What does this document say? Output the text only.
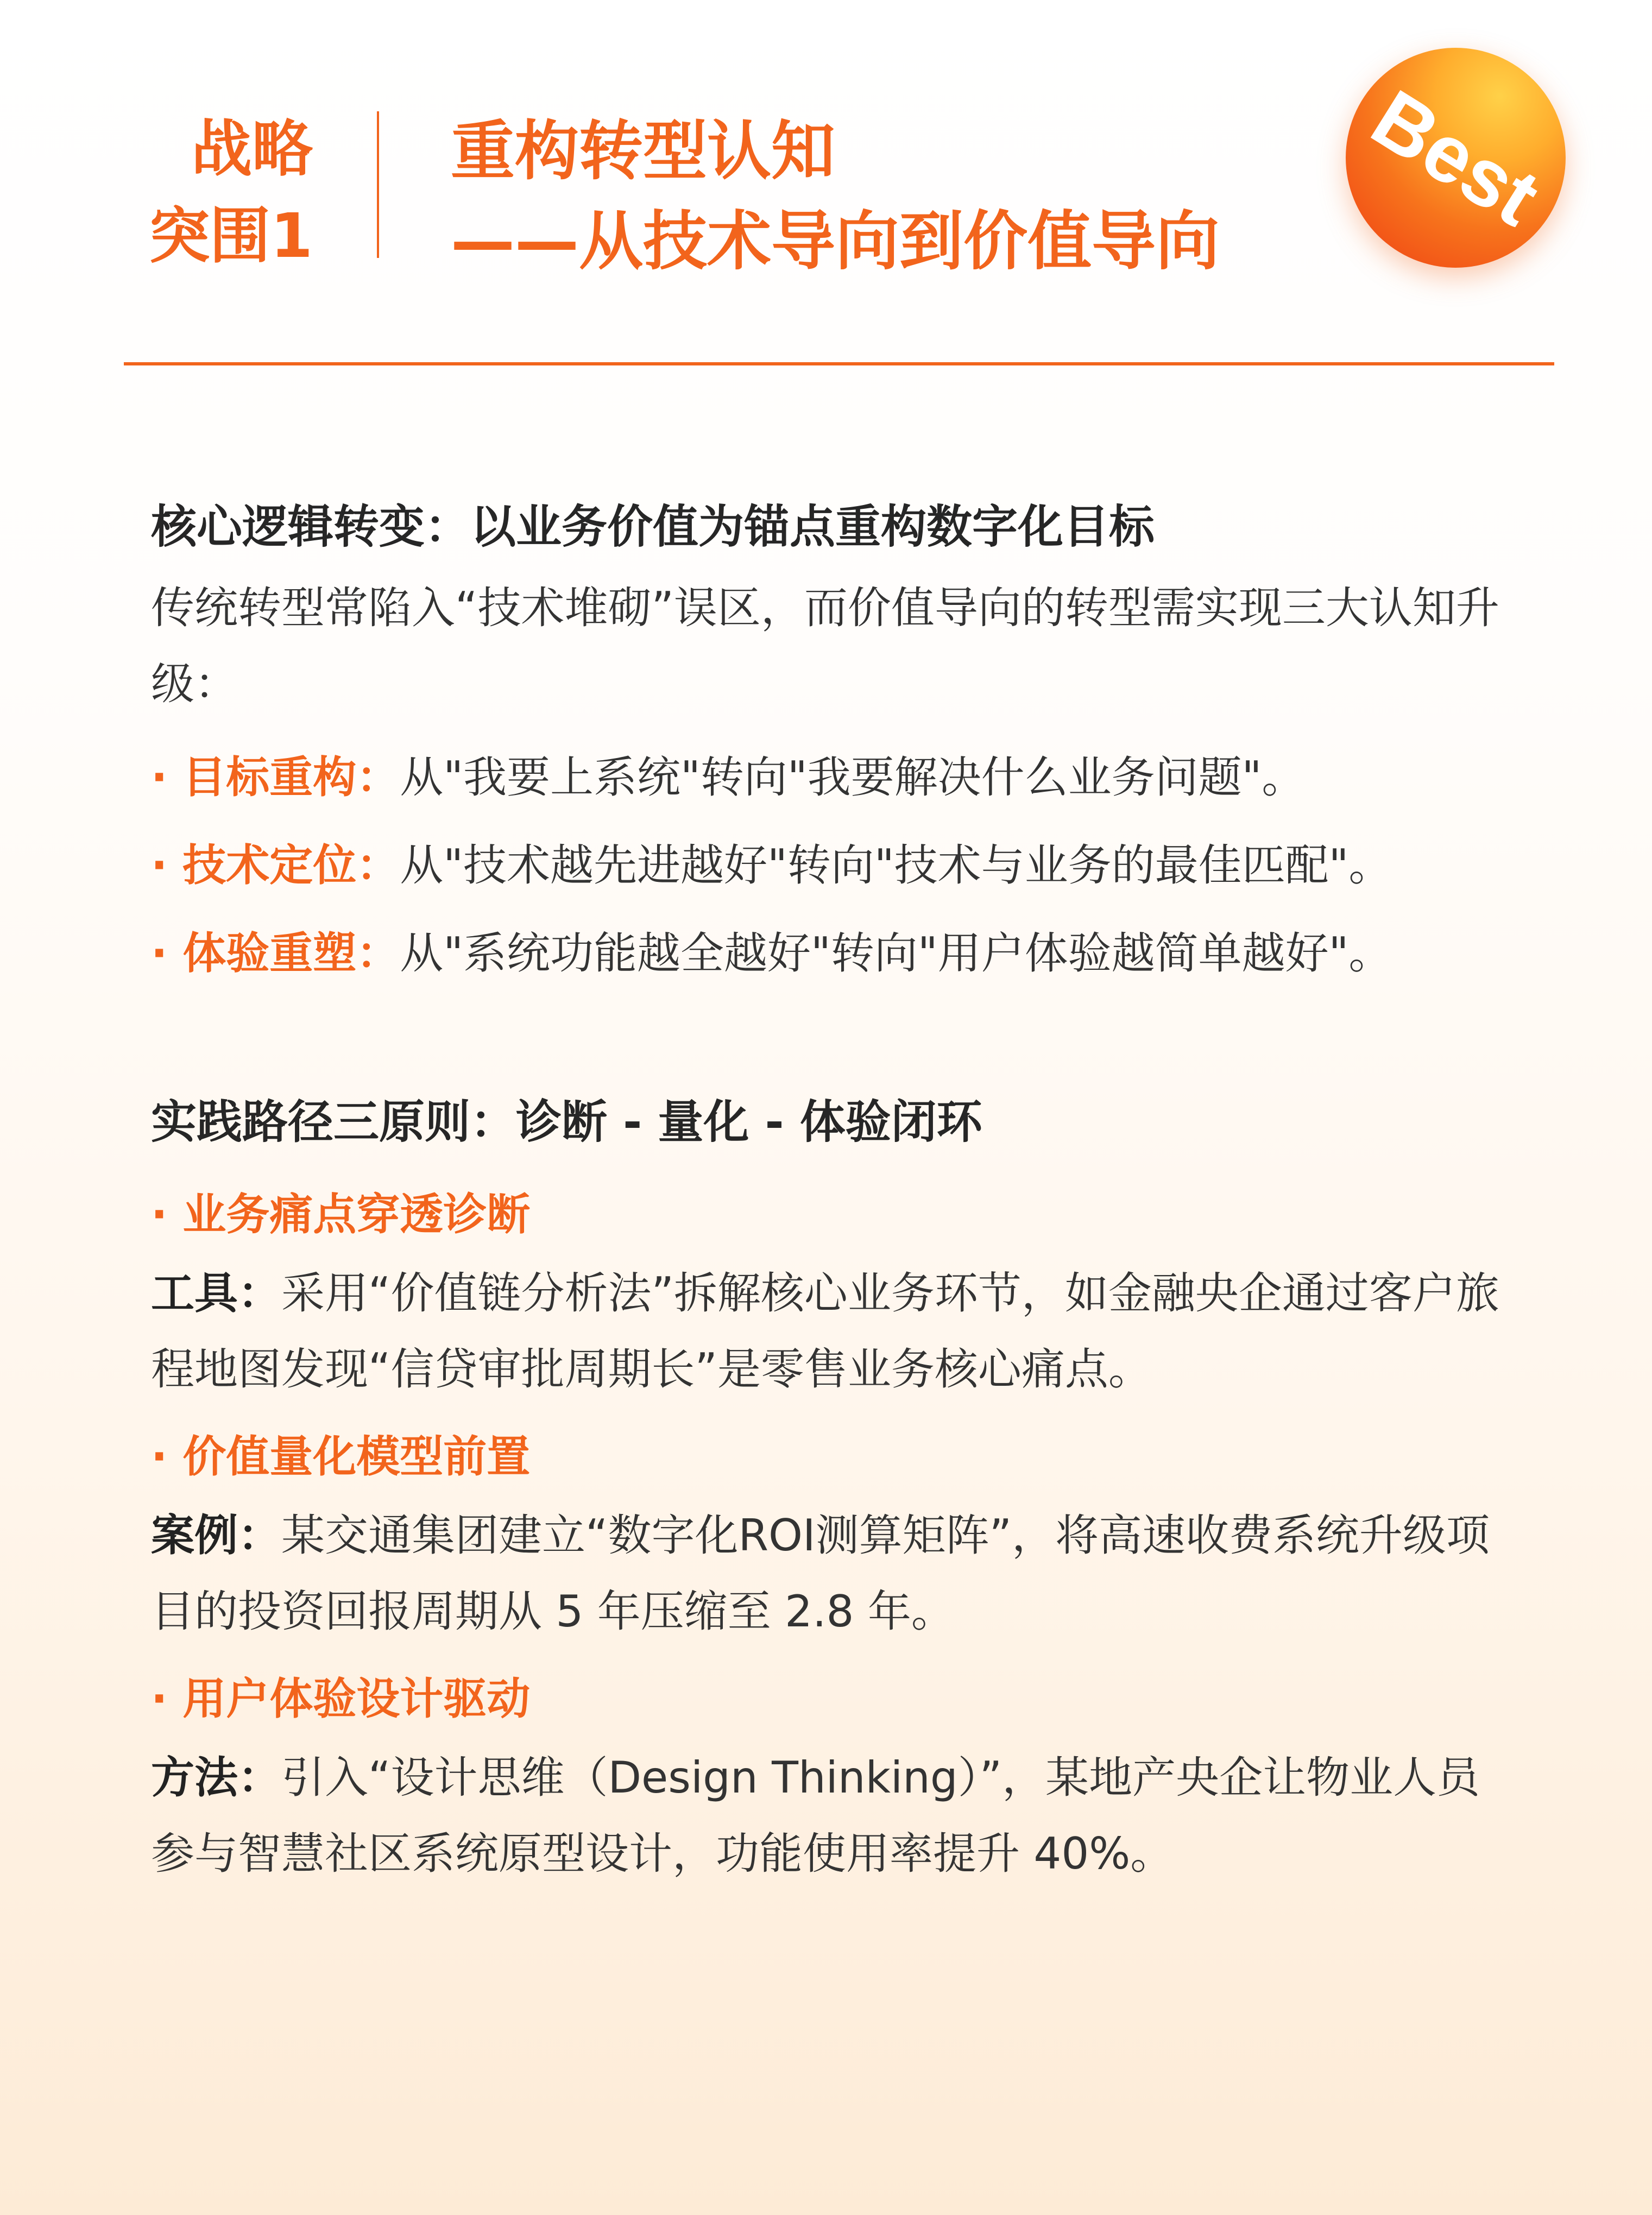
战略
突围1
重构转型认知
——从技术导向到价值导向	Best
核心逻辑转变：以业务价值为锚点重构数字化目标
传统转型常陷入“技术堆砌”误区，而价值导向的转型需实现三大认知升级：
· 目标重构：从"我要上系统"转向"我要解决什么业务问题"。
· 技术定位：从"技术越先进越好"转向"技术与业务的最佳匹配"。
· 体验重塑：从"系统功能越全越好"转向"用户体验越简单越好"。
实践路径三原则：诊断 - 量化 - 体验闭环
· 业务痛点穿透诊断
工具：采用“价值链分析法”拆解核心业务环节，如金融央企通过客户旅程地图发现“信贷审批周期长”是零售业务核心痛点。
· 价值量化模型前置
案例：某交通集团建立“数字化ROI测算矩阵”，将高速收费系统升级项目的投资回报周期从 5 年压缩至 2.8 年。
· 用户体验设计驱动
方法：引入“设计思维（Design Thinking）”，某地产央企让物业人员参与智慧社区系统原型设计，功能使用率提升 40%。
